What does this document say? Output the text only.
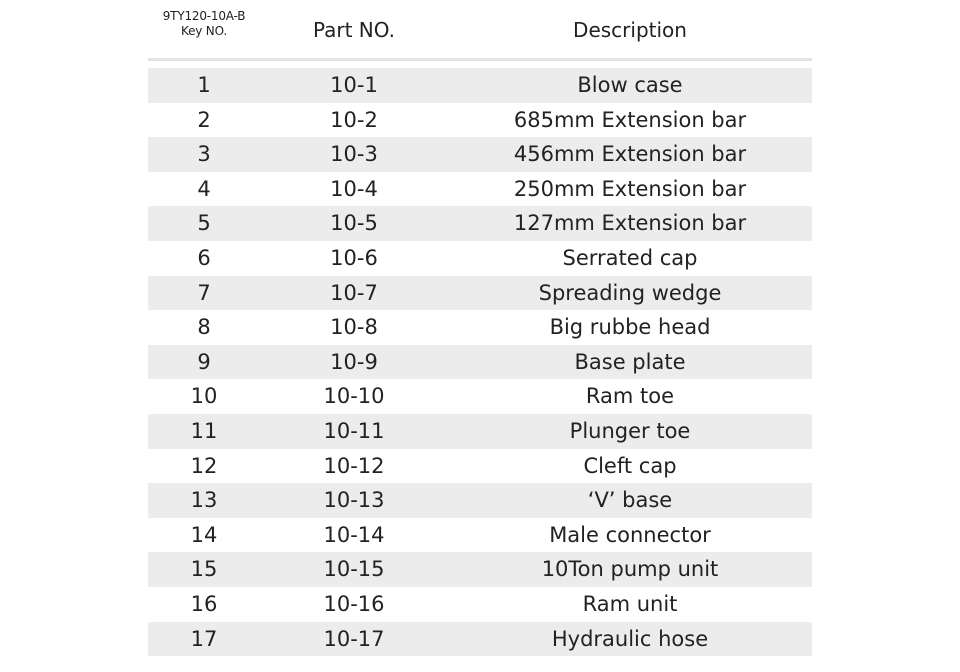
9TY120-10A-B
Key NO.	Part NO.	Description
1	10-1	Blow case
2	10-2	685mm Extension bar
3	10-3	456mm Extension bar
4	10-4	250mm Extension bar
5	10-5	127mm Extension bar
6	10-6	Serrated cap
7	10-7	Spreading wedge
8	10-8	Big rubbe head
9	10-9	Base plate
10	10-10	Ram toe
11	10-11	Plunger toe
12	10-12	Cleft cap
13	10-13	‘V’ base
14	10-14	Male connector
15	10-15	10Ton pump unit
16	10-16	Ram unit
17	10-17	Hydraulic hose
